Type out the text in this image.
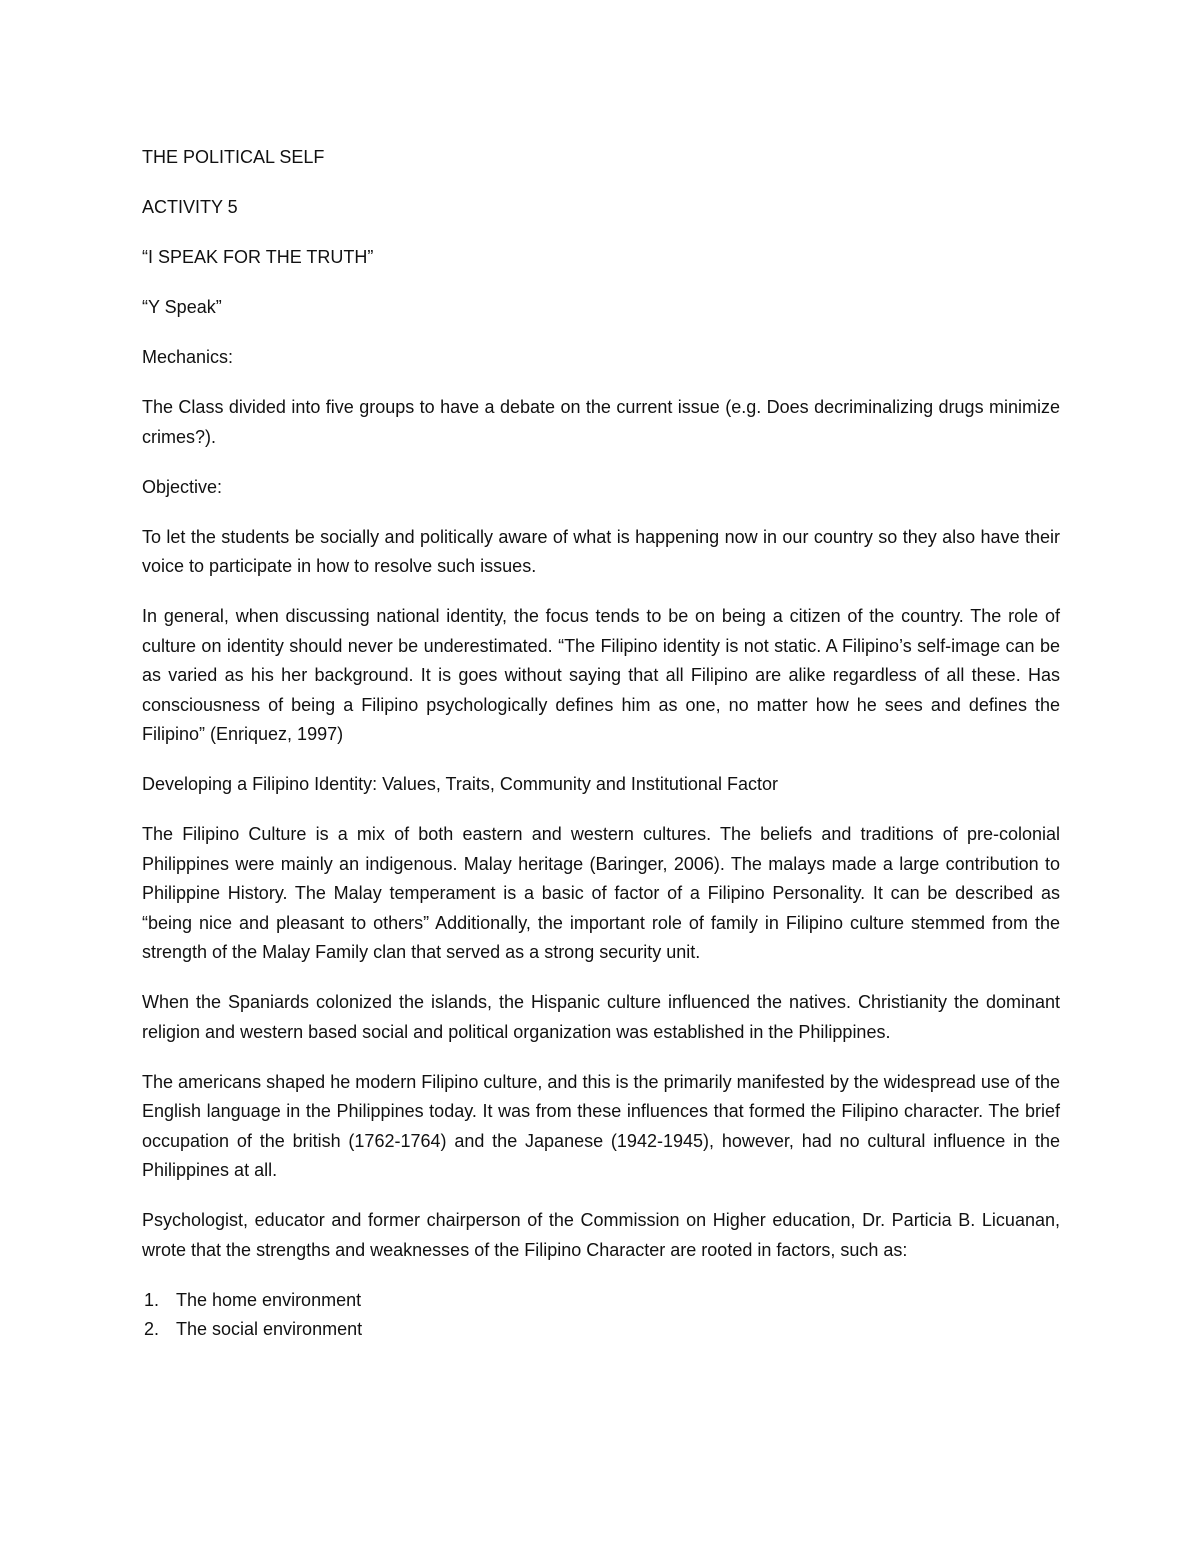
THE POLITICAL SELF

ACTIVITY 5

“I SPEAK FOR THE TRUTH”

“Y Speak”

Mechanics:

The Class divided into five groups to have a debate on the current issue (e.g. Does decriminalizing drugs minimize crimes?).

Objective:

To let the students be socially and politically aware of what is happening now in our country so they also have their voice to participate in how to resolve such issues.

In general, when discussing national identity, the focus tends to be on being a citizen of the country. The role of culture on identity should never be underestimated. “The Filipino identity is not static. A Filipino’s self-image can be as varied as his her background. It is goes without saying that all Filipino are alike regardless of all these. Has consciousness of being a Filipino psychologically defines him as one, no matter how he sees and defines the Filipino” (Enriquez, 1997)

Developing a Filipino Identity: Values, Traits, Community and Institutional Factor

The Filipino Culture is a mix of both eastern and western cultures. The beliefs and traditions of pre-colonial Philippines were mainly an indigenous. Malay heritage (Baringer, 2006). The malays made a large contribution to Philippine History. The Malay temperament is a basic of factor of a Filipino Personality. It can be described as “being nice and pleasant to others” Additionally, the important role of family in Filipino culture stemmed from the strength of the Malay Family clan that served as a strong security unit.

When the Spaniards colonized the islands, the Hispanic culture influenced the natives. Christianity the dominant religion and western based social and political organization was established in the Philippines.

The americans shaped he modern Filipino culture, and this is the primarily manifested by the widespread use of the English language in the Philippines today. It was from these influences that formed the Filipino character. The brief occupation of the british (1762-1764) and the Japanese (1942-1945), however, had no cultural influence in the Philippines at all.

Psychologist, educator and former chairperson of the Commission on Higher education, Dr. Particia B. Licuanan, wrote that the strengths and weaknesses of the Filipino Character are rooted in factors, such as:

1. The home environment
2. The social environment
